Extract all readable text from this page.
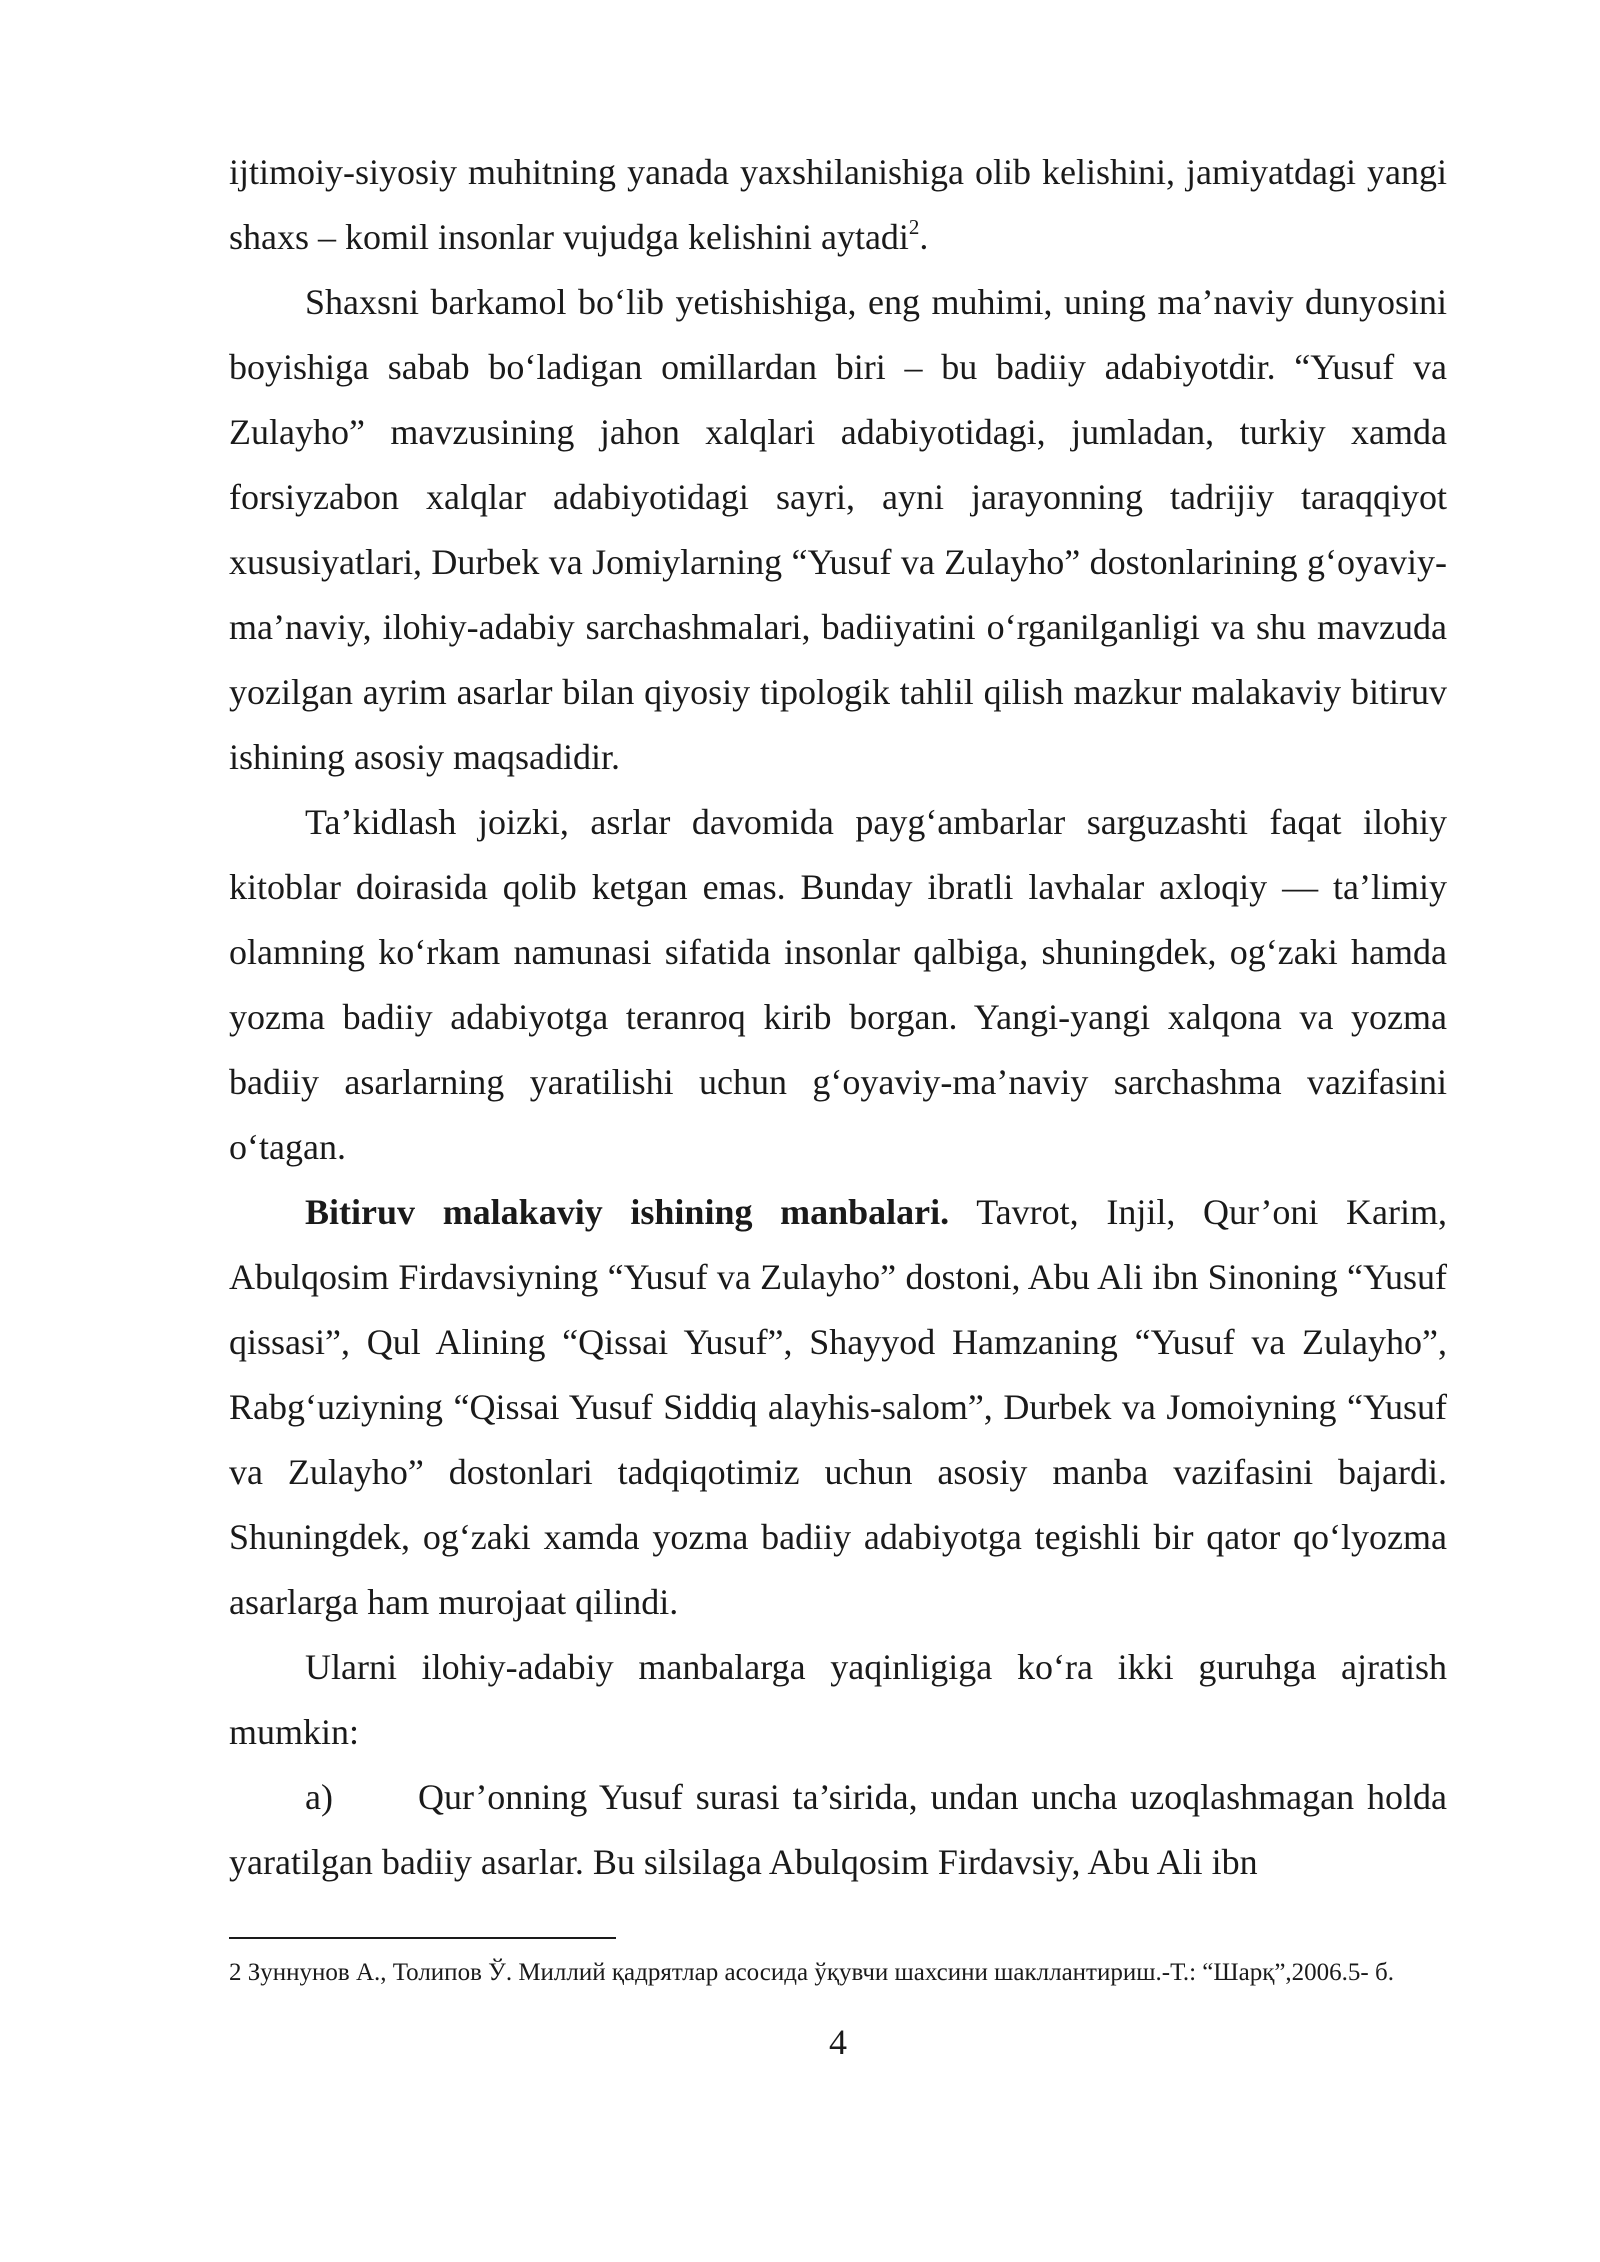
ijtimoiy-siyosiy muhitning yanada yaxshilanishiga olib kelishini, jamiyatdagi yangi shaxs – komil insonlar vujudga kelishini aytadi$^2$.

Shaxsni barkamol bo‘lib yetishishiga, eng muhimi, uning ma’naviy dunyosini boyishiga sabab bo‘ladigan omillardan biri – bu badiiy adabiyotdir. “Yusuf va Zulayho” mavzusining jahon xalqlari adabiyotidagi, jumladan, turkiy xamda forsiyzabon xalqlar adabiyotidagi sayri, ayni jarayonning tadrijiy taraqqiyot xususiyatlari, Durbek va Jomiylarning “Yusuf va Zulayho” dostonlarining g‘oyaviy-ma’naviy, ilohiy-adabiy sarchashmalari, badiiyatini o‘rganilganligi va shu mavzuda yozilgan ayrim asarlar bilan qiyosiy tipologik tahlil qilish mazkur malakaviy bitiruv ishining asosiy maqsadidir.

Ta’kidlash joizki, asrlar davomida payg‘ambarlar sarguzashti faqat ilohiy kitoblar doirasida qolib ketgan emas. Bunday ibratli lavhalar axloqiy — ta’limiy olamning ko‘rkam namunasi sifatida insonlar qalbiga, shuningdek, og‘zaki hamda yozma badiiy adabiyotga teranroq kirib borgan. Yangi-yangi xalqona va yozma badiiy asarlarning yaratilishi uchun g‘oyaviy-ma’naviy sarchashma vazifasini o‘tagan.

Bitiruv malakaviy ishining manbalari. Tavrot, Injil, Qur’oni Karim, Abulqosim Firdavsiyning “Yusuf va Zulayho” dostoni, Abu Ali ibn Sinoning “Yusuf qissasi”, Qul Alining “Qissai Yusuf”, Shayyod Hamzaning “Yusuf va Zulayho”, Rabg‘uziyning “Qissai Yusuf Siddiq alayhis-salom”, Durbek va Jomoiyning “Yusuf va Zulayho” dostonlari tadqiqotimiz uchun asosiy manba vazifasini bajardi. Shuningdek, og‘zaki xamda yozma badiiy adabiyotga tegishli bir qator qo‘lyozma asarlarga ham murojaat qilindi.

Ularni ilohiy-adabiy manbalarga yaqinligiga ko‘ra ikki guruhga ajratish mumkin:

a) Qur’onning Yusuf surasi ta’sirida, undan uncha uzoqlashmagan holda yaratilgan badiiy asarlar. Bu silsilaga Abulqosim Firdavsiy, Abu Ali ibn

2 Зуннунов А., Толипов Ў. Миллий қадрятлар асосида ўқувчи шахсини шакллантириш.-Т.: “Шарқ”,2006.5- б.

4
